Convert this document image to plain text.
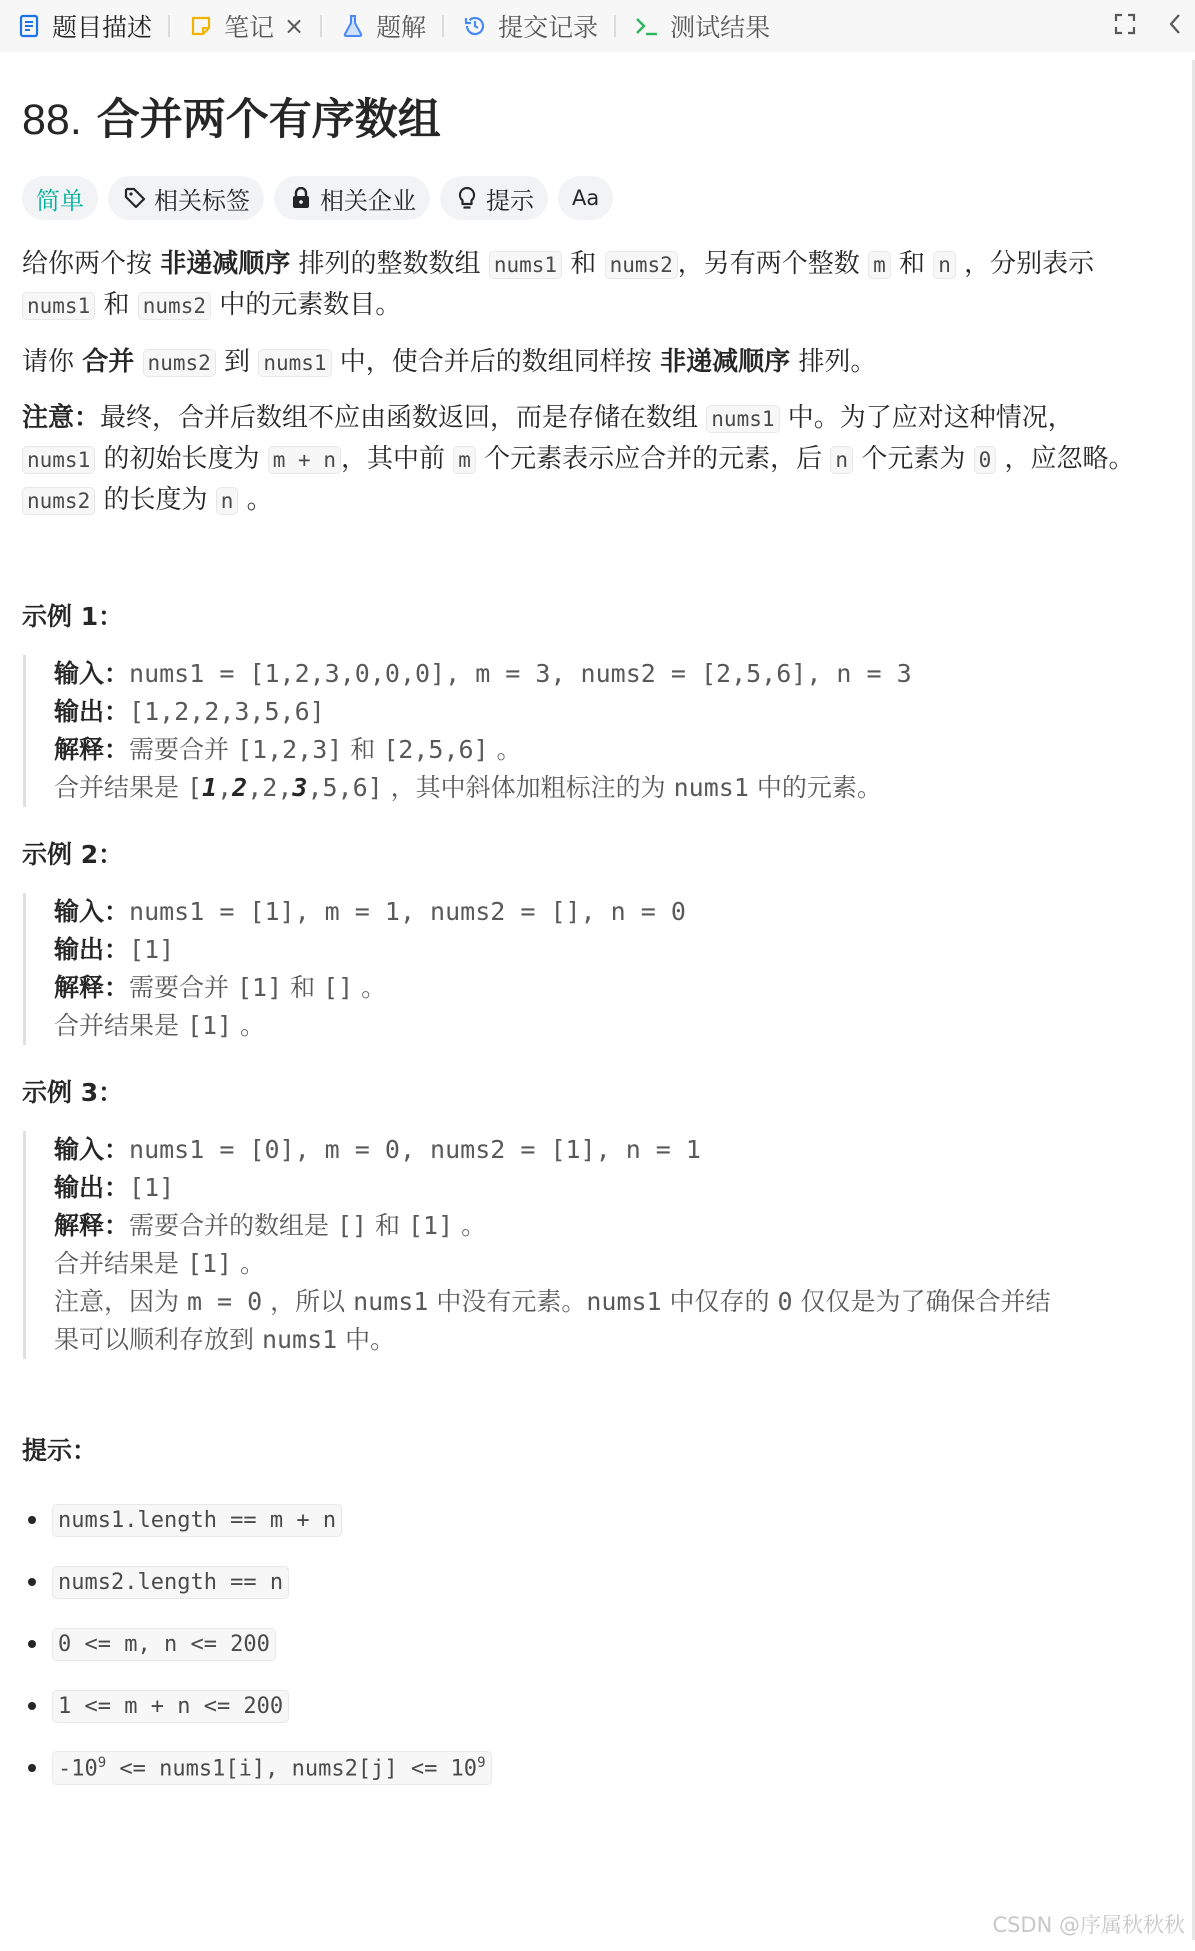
题目描述	笔记 ×	题解	提交记录	测试结果
88. 合并两个有序数组
简单	相关标签	相关企业	提示 Aa

给你两个按 非递减顺序 排列的整数数组 nums1 和 nums2 ，另有两个整数 m 和 n ，分别表示
nums1 和 nums2 中的元素数目。

请你 合并 nums2 到 nums1 中，使合并后的数组同样按 非递减顺序 排列。

注意：最终，合并后数组不应由函数返回，而是存储在数组 nums1 中。为了应对这种情况，
nums1 的初始长度为 m + n ，其中前 m 个元素表示应合并的元素，后 n 个元素为 0 ，应忽略。
nums2 的长度为 n 。

示例 1：
输入：nums1 = [1,2,3,0,0,0], m = 3, nums2 = [2,5,6], n = 3
输出：[1,2,2,3,5,6]
解释：需要合并 [1,2,3] 和 [2,5,6] 。
合并结果是 [1,2,2,3,5,6] ，其中斜体加粗标注的为 nums1 中的元素。
示例 2：
输入：nums1 = [1], m = 1, nums2 = [], n = 0
输出：[1]
解释：需要合并 [1] 和 [] 。
合并结果是 [1] 。
示例 3：
输入：nums1 = [0], m = 0, nums2 = [1], n = 1
输出：[1]
解释：需要合并的数组是 [] 和 [1] 。
合并结果是 [1] 。
注意，因为 m = 0 ，所以 nums1 中没有元素。nums1 中仅存的 0 仅仅是为了确保合并结
果可以顺利存放到 nums1 中。
提示：
nums1.length == m + n
nums2.length == n
0 <= m, n <= 200
1 <= m + n <= 200
$-10^9$ <= nums1[i], nums2[j] <= $10^9$
CSDN @序属秋秋秋
